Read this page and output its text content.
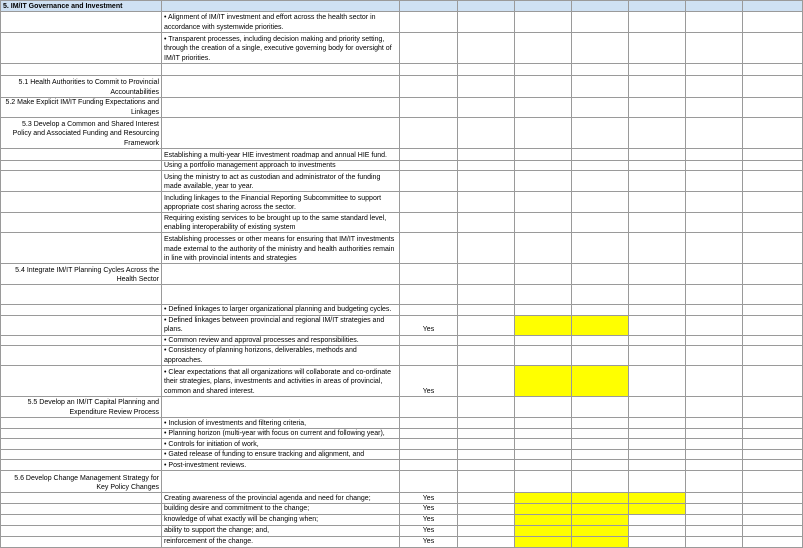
5. IM/IT Governance and Investment								
	• Alignment of IM/IT investment and effort across the health sector in accordance with systemwide priorities.							
	• Transparent processes, including decision making and priority setting, through the creation of a single, executive governing body for oversight of IM/IT priorities.							

5.1 Health Authorities to Commit to Provincial Accountabilities								
5.2 Make Explicit IM/IT Funding Expectations and Linkages								
5.3 Develop a Common and Shared Interest Policy and Associated Funding and Resourcing Framework								
	Establishing a multi-year HIE investment roadmap and annual HIE fund.							
	Using a portfolio management approach to investments							
	Using the ministry to act as custodian and administrator of the funding made available, year to year.							
	Including linkages to the Financial Reporting Subcommittee to support appropriate cost sharing across the sector.							
	Requiring existing services to be brought up to the same standard level, enabling interoperability of existing system							
	Establishing processes or other means for ensuring that IM/IT investments made external to the authority of the ministry and health authorities remain in line with provincial intents and strategies							
5.4 Integrate IM/IT Planning Cycles Across the Health Sector								

	• Defined linkages to larger organizational planning and budgeting cycles.							
	• Defined linkages between provincial and regional IM/IT strategies and plans.	Yes						
	• Common review and approval processes and responsibilities.							
	• Consistency of planning horizons, deliverables, methods and approaches.							
	• Clear expectations that all organizations will collaborate and co-ordinate their strategies, plans, investments and activities in areas of provincial, common and shared interest.	Yes						
5.5 Develop an IM/IT Capital Planning and Expenditure Review Process								
	• Inclusion of investments and filtering criteria,							
	• Planning horizon (multi-year with focus on current and following year),							
	• Controls for initiation of work,							
	• Gated release of funding to ensure tracking and alignment, and							
	• Post-investment reviews.							
5.6 Develop Change Management Strategy for Key Policy Changes								
	Creating awareness of the provincial agenda and need for change;	Yes						
	building desire and commitment to the change;	Yes						
	knowledge of what exactly will be changing when;	Yes						
	ability to support the change; and,	Yes						
	reinforcement of the change.	Yes						
